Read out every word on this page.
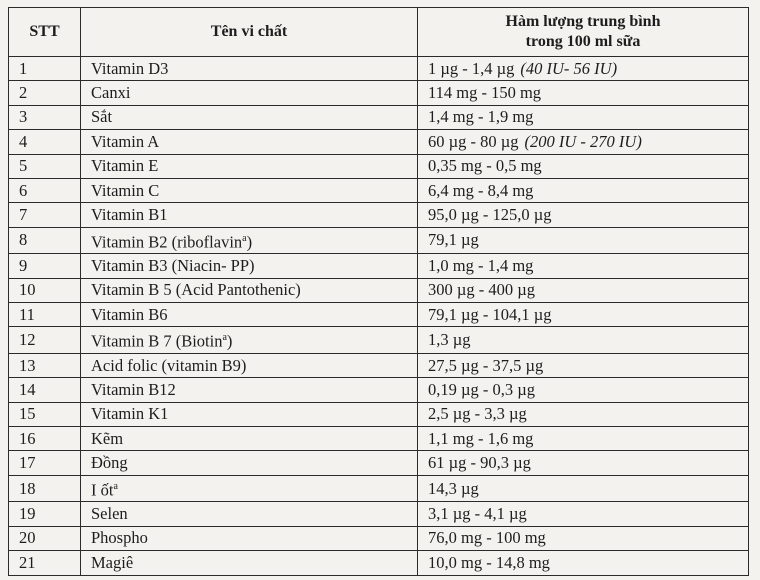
STT	Tên vi chất	Hàm lượng trung bình
trong 100 ml sữa
1	Vitamin D3	1 µg - 1,4 µg (40 IU- 56 IU)
2	Canxi	114 mg - 150 mg
3	Sắt	1,4 mg - 1,9 mg
4	Vitamin A	60 µg - 80 µg (200 IU - 270 IU)
5	Vitamin E	0,35 mg - 0,5 mg
6	Vitamin C	6,4 mg - 8,4 mg
7	Vitamin B1	95,0 µg - 125,0 µg
8	Vitamin B2 (riboflavin$^a$)	79,1 µg
9	Vitamin B3 (Niacin- PP)	1,0 mg - 1,4 mg
10	Vitamin B 5 (Acid Pantothenic)	300 µg - 400 µg
11	Vitamin B6	79,1 µg - 104,1 µg
12	Vitamin B 7 (Biotin$^a$)	1,3 µg
13	Acid folic (vitamin B9)	27,5 µg - 37,5 µg
14	Vitamin B12	0,19 µg - 0,3 µg
15	Vitamin K1	2,5 µg - 3,3 µg
16	Kẽm	1,1 mg - 1,6 mg
17	Đồng	61 µg - 90,3 µg
18	I ốt$^a$	14,3 µg
19	Selen	3,1 µg - 4,1 µg
20	Phospho	76,0 mg - 100 mg
21	Magiê	10,0 mg - 14,8 mg
